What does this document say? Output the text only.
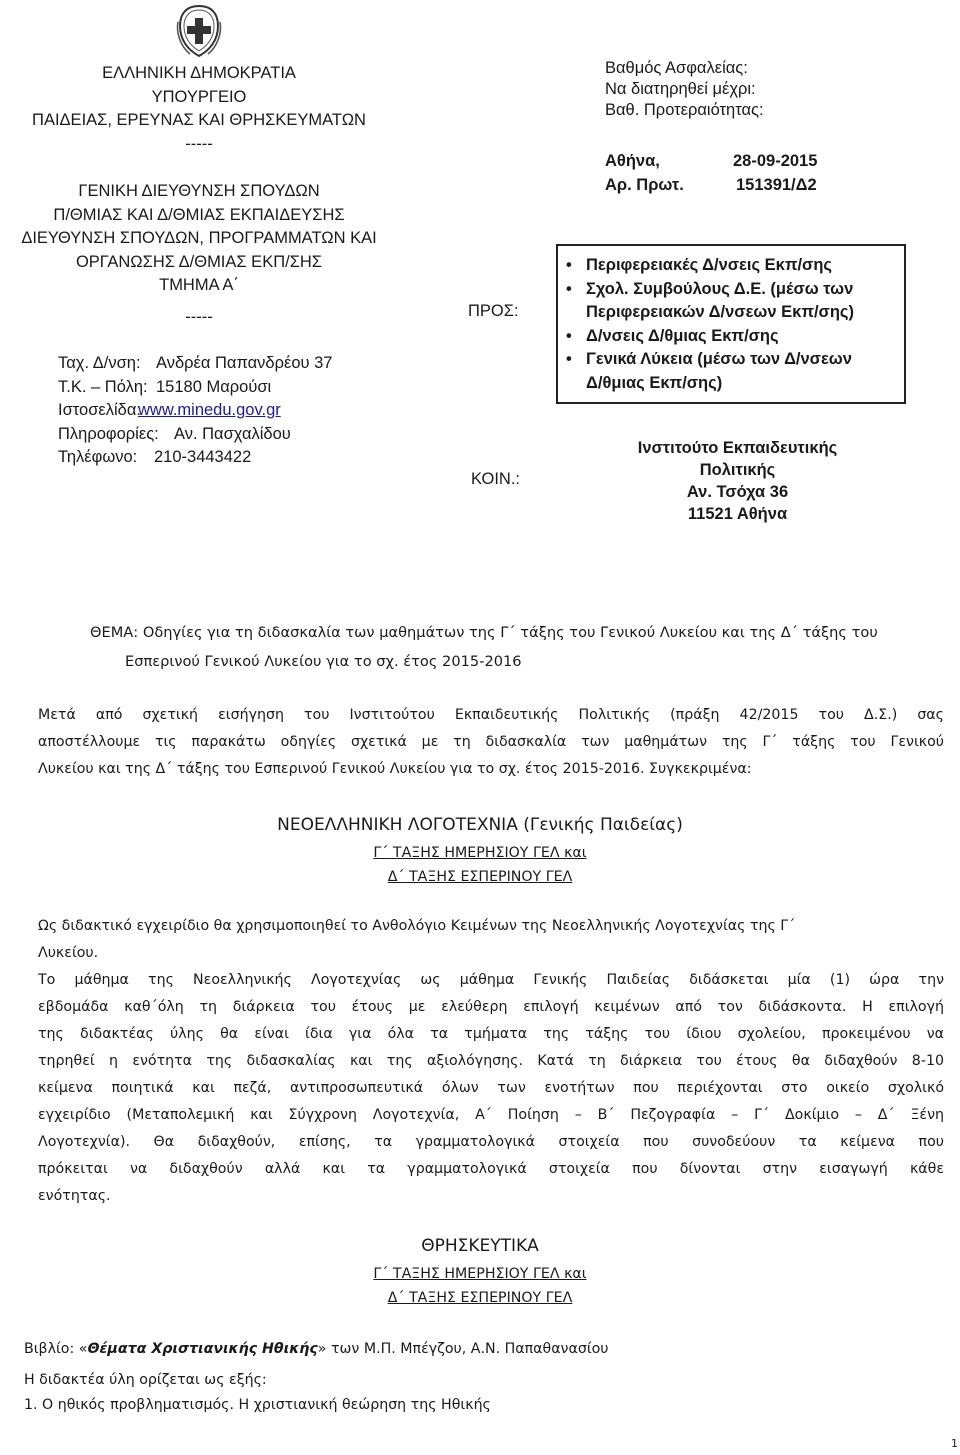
ΕΛΛΗΝΙΚΗ ΔΗΜΟΚΡΑΤΙΑ
ΥΠΟΥΡΓΕΙΟ
ΠΑΙΔΕΙΑΣ, ΕΡΕΥΝΑΣ ΚΑΙ ΘΡΗΣΚΕΥΜΑΤΩΝ
-----
ΓΕΝΙΚΗ ΔΙΕΥΘΥΝΣΗ ΣΠΟΥΔΩΝ
Π/ΘΜΙΑΣ ΚΑΙ Δ/ΘΜΙΑΣ ΕΚΠΑΙΔΕΥΣΗΣ
ΔΙΕΥΘΥΝΣΗ ΣΠΟΥΔΩΝ, ΠΡΟΓΡΑΜΜΑΤΩΝ ΚΑΙ
ΟΡΓΑΝΩΣΗΣ Δ/ΘΜΙΑΣ ΕΚΠ/ΣΗΣ
ΤΜΗΜΑ Α΄
-----
Ταχ. Δ/νση: Ανδρέα Παπανδρέου 37
Τ.Κ. – Πόλη: 15180 Μαρούσι
Ιστοσελίδα:www.minedu.gov.gr
Πληροφορίες: Αν. Πασχαλίδου
Τηλέφωνο: 210-3443422
Βαθμός Ασφαλείας:
Να διατηρηθεί μέχρι:
Βαθ. Προτεραιότητας:
Αθήνα,	28-09-2015
Αρ. Πρωτ.	151391/Δ2
ΠΡΟΣ:
• Περιφερειακές Δ/νσεις Εκπ/σης
• Σχολ. Συμβούλους Δ.Ε. (μέσω των
Περιφερειακών Δ/νσεων Εκπ/σης)
• Δ/νσεις Δ/θμιας Εκπ/σης
• Γενικά Λύκεια (μέσω των Δ/νσεων
Δ/θμιας Εκπ/σης)
ΚΟΙΝ.:
Ινστιτούτο Εκπαιδευτικής
Πολιτικής
Αν. Τσόχα 36
11521 Αθήνα
ΘΕΜΑ: Οδηγίες για τη διδασκαλία των μαθημάτων της Γ΄ τάξης του Γενικού Λυκείου και της Δ΄ τάξης του
Εσπερινού Γενικού Λυκείου για το σχ. έτος 2015-2016
Μετά από σχετική εισήγηση του Ινστιτούτου Εκπαιδευτικής Πολιτικής (πράξη 42/2015 του Δ.Σ.) σας
αποστέλλουμε τις παρακάτω οδηγίες σχετικά με τη διδασκαλία των μαθημάτων της Γ΄ τάξης του Γενικού
Λυκείου και της Δ΄ τάξης του Εσπερινού Γενικού Λυκείου για το σχ. έτος 2015-2016. Συγκεκριμένα:
ΝΕΟΕΛΛΗΝΙΚΗ ΛΟΓΟΤΕΧΝΙΑ (Γενικής Παιδείας)
Γ΄ ΤΑΞΗΣ ΗΜΕΡΗΣΙΟΥ ΓΕΛ και
Δ΄ ΤΑΞΗΣ ΕΣΠΕΡΙΝΟΥ ΓΕΛ
Ως διδακτικό εγχειρίδιο θα χρησιμοποιηθεί το Ανθολόγιο Κειμένων της Νεοελληνικής Λογοτεχνίας της Γ΄
Λυκείου.
Το μάθημα της Νεοελληνικής Λογοτεχνίας ως μάθημα Γενικής Παιδείας διδάσκεται μία (1) ώρα την
εβδομάδα καθ΄όλη τη διάρκεια του έτους με ελεύθερη επιλογή κειμένων από τον διδάσκοντα. Η επιλογή
της διδακτέας ύλης θα είναι ίδια για όλα τα τμήματα της τάξης του ίδιου σχολείου, προκειμένου να
τηρηθεί η ενότητα της διδασκαλίας και της αξιολόγησης. Κατά τη διάρκεια του έτους θα διδαχθούν 8-10
κείμενα ποιητικά και πεζά, αντιπροσωπευτικά όλων των ενοτήτων που περιέχονται στο οικείο σχολικό
εγχειρίδιο (Μεταπολεμική και Σύγχρονη Λογοτεχνία, Α΄ Ποίηση – Β΄ Πεζογραφία – Γ΄ Δοκίμιο – Δ΄ Ξένη
Λογοτεχνία). Θα διδαχθούν, επίσης, τα γραμματολογικά στοιχεία που συνοδεύουν τα κείμενα που
πρόκειται να διδαχθούν αλλά και τα γραμματολογικά στοιχεία που δίνονται στην εισαγωγή κάθε
ενότητας.
ΘΡΗΣΚΕΥΤΙΚΑ
Γ΄ ΤΑΞΗΣ ΗΜΕΡΗΣΙΟΥ ΓΕΛ και
Δ΄ ΤΑΞΗΣ ΕΣΠΕΡΙΝΟΥ ΓΕΛ
Βιβλίο: «Θέματα Χριστιανικής Ηθικής» των Μ.Π. Μπέγζου, Α.Ν. Παπαθανασίου
Η διδακτέα ύλη ορίζεται ως εξής:
1. Ο ηθικός προβληματισμός. Η χριστιανική θεώρηση της Ηθικής
1
